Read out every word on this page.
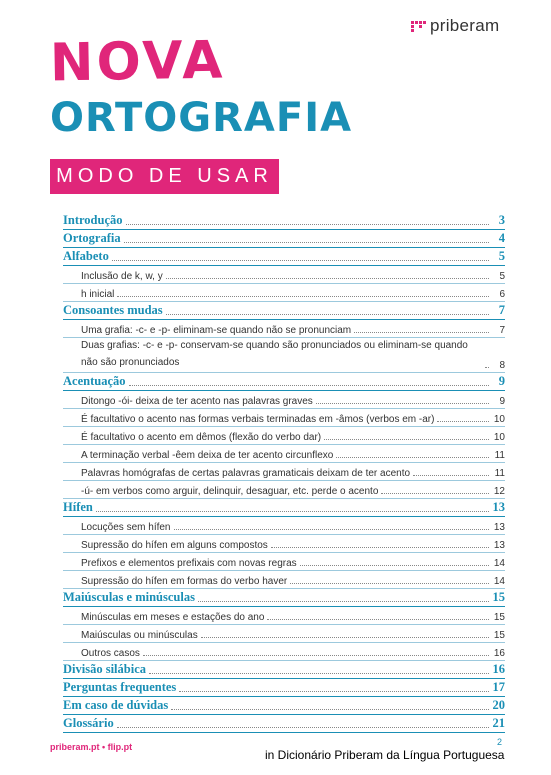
priberam
NOVA
ORTOGRAFIA
MODO DE USAR
Introdução	3
Ortografia	4
Alfabeto	5
Inclusão de k, w, y	5
h inicial	6
Consoantes mudas	7
Uma grafia: -c- e -p- eliminam-se quando não se pronunciam	7
Duas grafias: -c- e -p- conservam-se quando são pronunciados ou eliminam-se quando não são pronunciados	8
Acentuação	9
Ditongo -ói- deixa de ter acento nas palavras graves	9
É facultativo o acento nas formas verbais terminadas em -âmos (verbos em -ar)	10
É facultativo o acento em dêmos (flexão do verbo dar)	10
A terminação verbal -êem deixa de ter acento circunflexo	11
Palavras homógrafas de certas palavras gramaticais deixam de ter acento	11
-ú- em verbos como arguir, delinquir, desaguar, etc. perde o acento	12
Hífen	13
Locuções sem hífen	13
Supressão do hífen em alguns compostos	13
Prefixos e elementos prefixais com novas regras	14
Supressão do hífen em formas do verbo haver	14
Maiúsculas e minúsculas	15
Minúsculas em meses e estações do ano	15
Maiúsculas ou minúsculas	15
Outros casos	16
Divisão silábica	16
Perguntas frequentes	17
Em caso de dúvidas	20
Glossário	21
priberam.pt • flip.pt	2
in Dicionário Priberam da Língua Portuguesa
